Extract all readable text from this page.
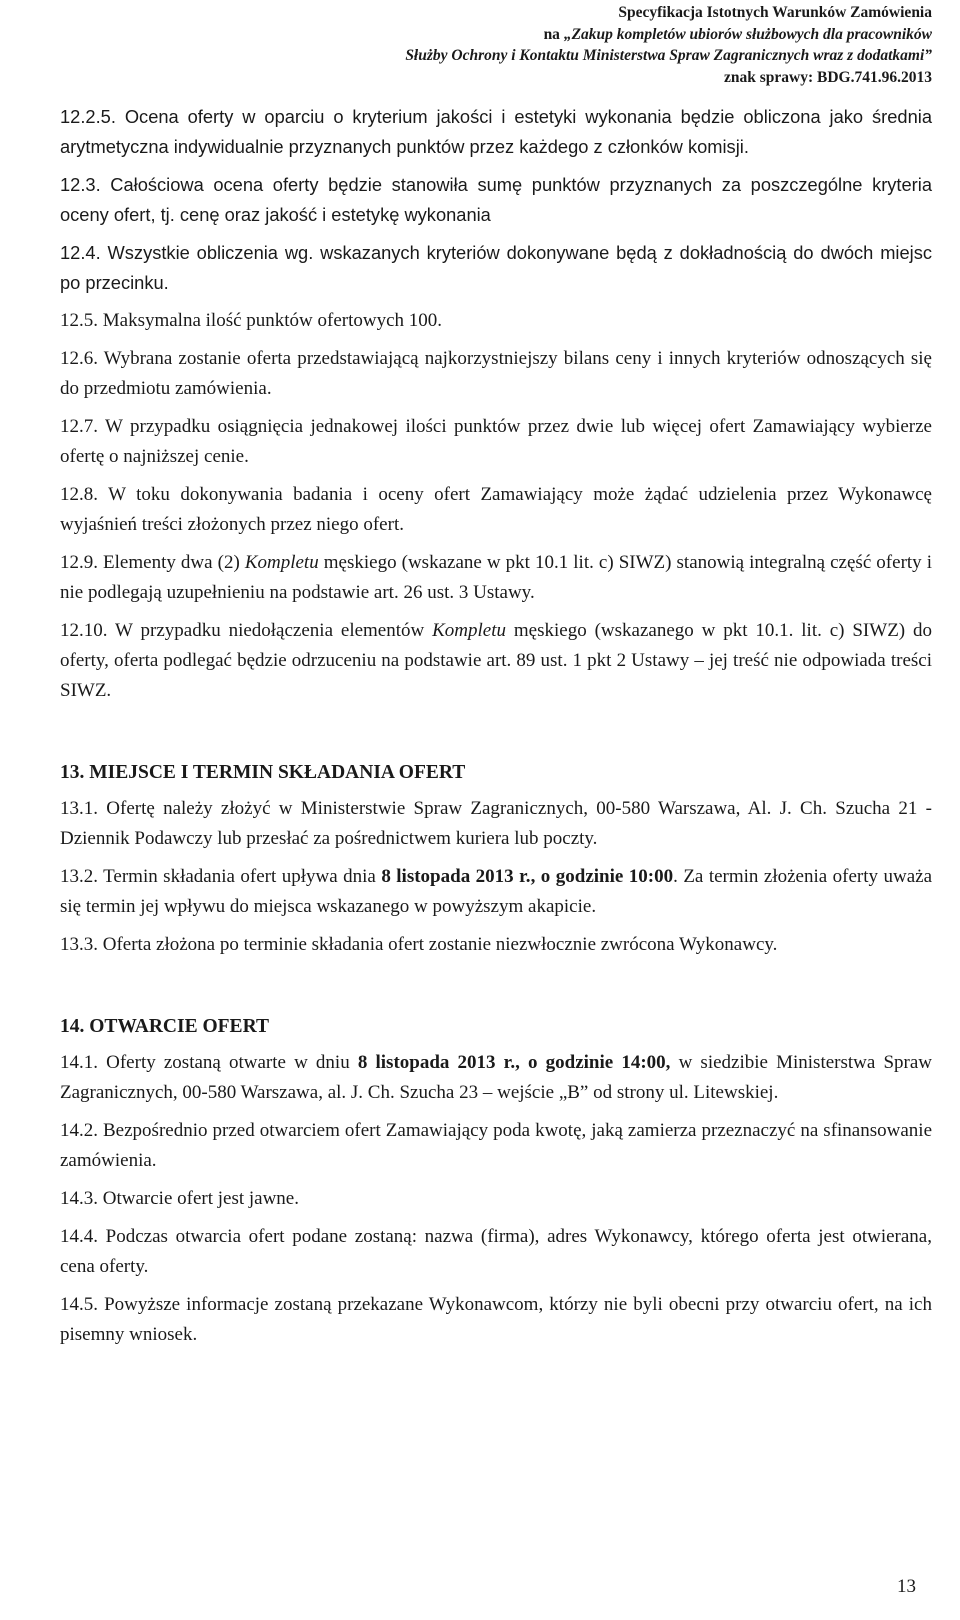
Specyfikacja Istotnych Warunków Zamówienia
na „Zakup kompletów ubiorów służbowych dla pracowników
Służby Ochrony i Kontaktu Ministerstwa Spraw Zagranicznych wraz z dodatkami”
znak sprawy: BDG.741.96.2013
12.2.5. Ocena oferty w oparciu o kryterium jakości i estetyki wykonania będzie obliczona jako średnia arytmetyczna indywidualnie przyznanych punktów przez każdego z członków komisji.
12.3. Całościowa ocena oferty będzie stanowiła sumę punktów przyznanych za poszczególne kryteria oceny ofert, tj. cenę oraz jakość i estetykę wykonania
12.4. Wszystkie obliczenia wg. wskazanych kryteriów dokonywane będą z dokładnością do dwóch miejsc po przecinku.
12.5. Maksymalna ilość punktów ofertowych 100.
12.6. Wybrana zostanie oferta przedstawiającą najkorzystniejszy bilans ceny i innych kryteriów odnoszących się do przedmiotu zamówienia.
12.7. W przypadku osiągnięcia jednakowej ilości punktów przez dwie lub więcej ofert Zamawiający wybierze ofertę o najniższej cenie.
12.8. W toku dokonywania badania i oceny ofert Zamawiający może żądać udzielenia przez Wykonawcę wyjaśnień treści złożonych przez niego ofert.
12.9. Elementy dwa (2) Kompletu męskiego (wskazane w pkt 10.1 lit. c) SIWZ) stanowią integralną część oferty i nie podlegają uzupełnieniu na podstawie art. 26 ust. 3 Ustawy.
12.10. W przypadku niedołączenia elementów Kompletu męskiego (wskazanego w pkt 10.1. lit. c) SIWZ) do oferty, oferta podlegać będzie odrzuceniu na podstawie art. 89 ust. 1 pkt 2 Ustawy – jej treść nie odpowiada treści SIWZ.
13. MIEJSCE I TERMIN SKŁADANIA OFERT
13.1. Ofertę należy złożyć w Ministerstwie Spraw Zagranicznych, 00-580 Warszawa, Al. J. Ch. Szucha 21 - Dziennik Podawczy lub przesłać za pośrednictwem kuriera lub poczty.
13.2. Termin składania ofert upływa dnia 8 listopada 2013 r., o godzinie 10:00. Za termin złożenia oferty uważa się termin jej wpływu do miejsca wskazanego w powyższym akapicie.
13.3. Oferta złożona po terminie składania ofert zostanie niezwłocznie zwrócona Wykonawcy.
14. OTWARCIE OFERT
14.1. Oferty zostaną otwarte w dniu 8 listopada 2013 r., o godzinie 14:00, w siedzibie Ministerstwa Spraw Zagranicznych, 00-580 Warszawa, al. J. Ch. Szucha 23 – wejście „B” od strony ul. Litewskiej.
14.2. Bezpośrednio przed otwarciem ofert Zamawiający poda kwotę, jaką zamierza przeznaczyć na sfinansowanie zamówienia.
14.3. Otwarcie ofert jest jawne.
14.4. Podczas otwarcia ofert podane zostaną: nazwa (firma), adres Wykonawcy, którego oferta jest otwierana, cena oferty.
14.5. Powyższe informacje zostaną przekazane Wykonawcom, którzy nie byli obecni przy otwarciu ofert, na ich pisemny wniosek.
13
